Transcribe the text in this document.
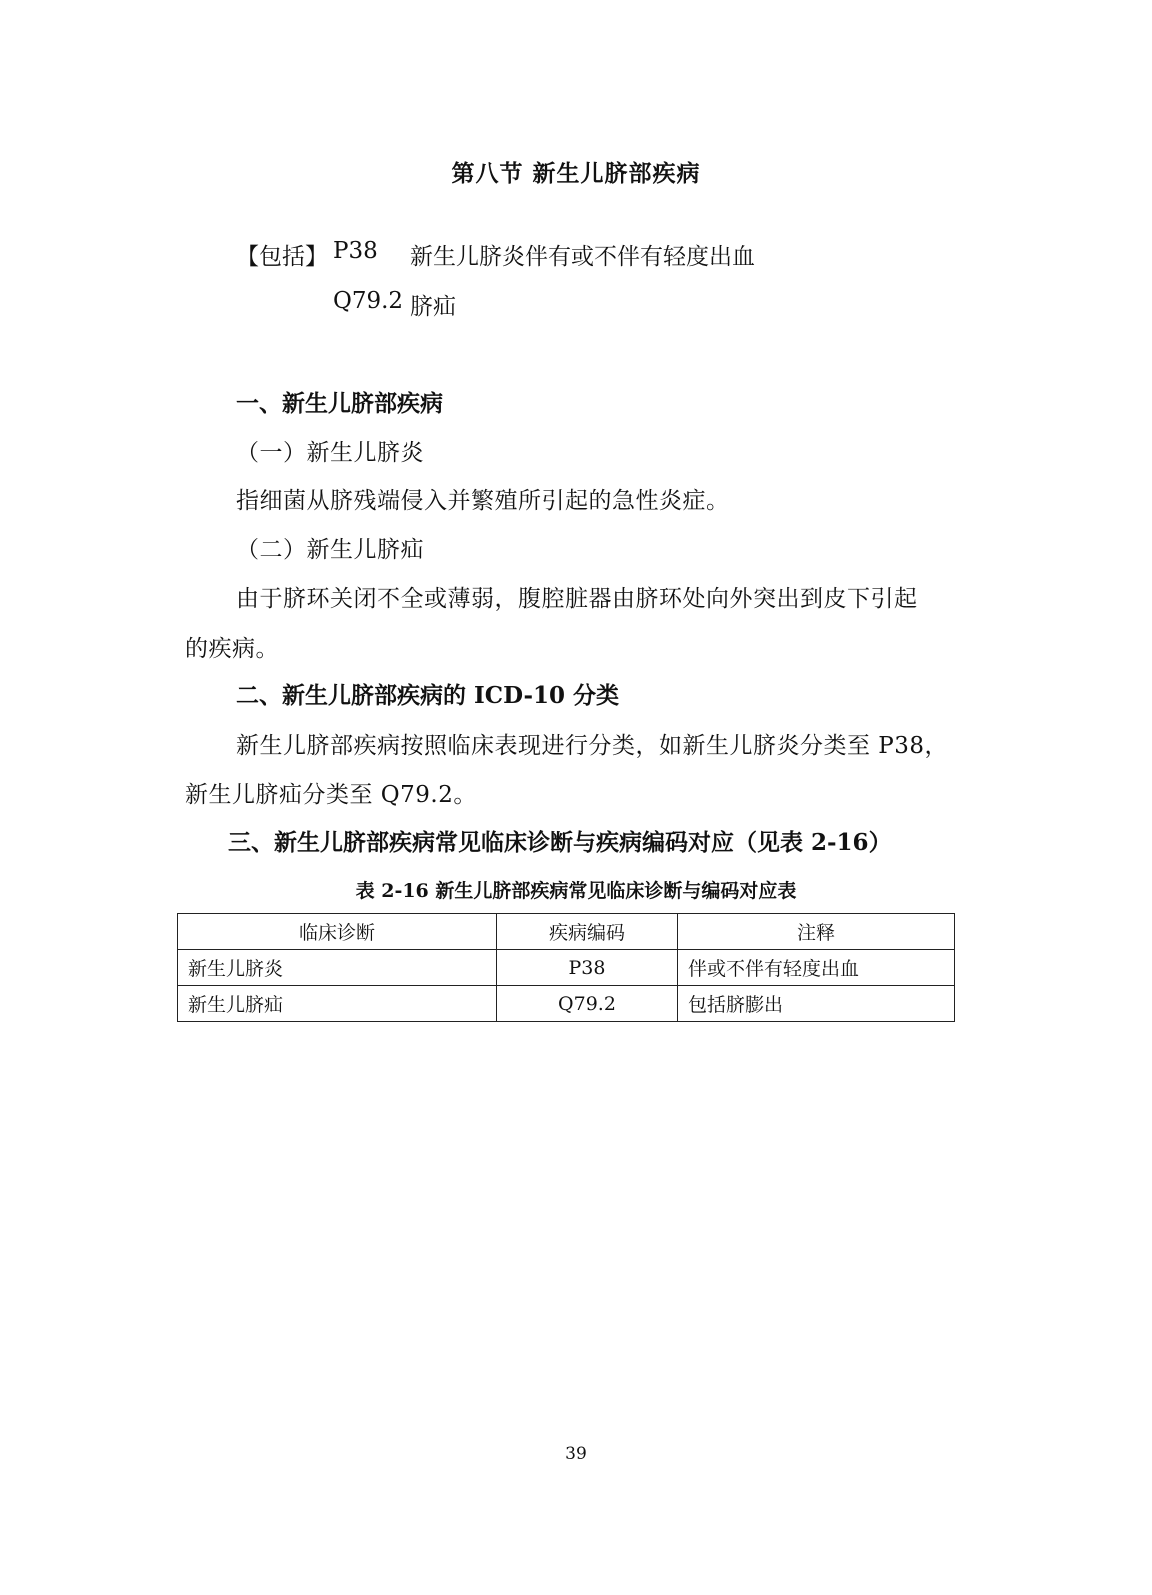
第八节 新生儿脐部疾病
【包括】 P38 新生儿脐炎伴有或不伴有轻度出血
Q79.2 脐疝
一、新生儿脐部疾病
（一）新生儿脐炎
指细菌从脐残端侵入并繁殖所引起的急性炎症。
（二）新生儿脐疝
由于脐环关闭不全或薄弱，腹腔脏器由脐环处向外突出到皮下引起
的疾病。
二、新生儿脐部疾病的 ICD-10 分类
新生儿脐部疾病按照临床表现进行分类，如新生儿脐炎分类至 P38，
新生儿脐疝分类至 Q79.2。
三、新生儿脐部疾病常见临床诊断与疾病编码对应（见表 2-16）
表 2-16 新生儿脐部疾病常见临床诊断与编码对应表
临床诊断	疾病编码	注释
新生儿脐炎	P38	伴或不伴有轻度出血
新生儿脐疝	Q79.2	包括脐膨出
39
